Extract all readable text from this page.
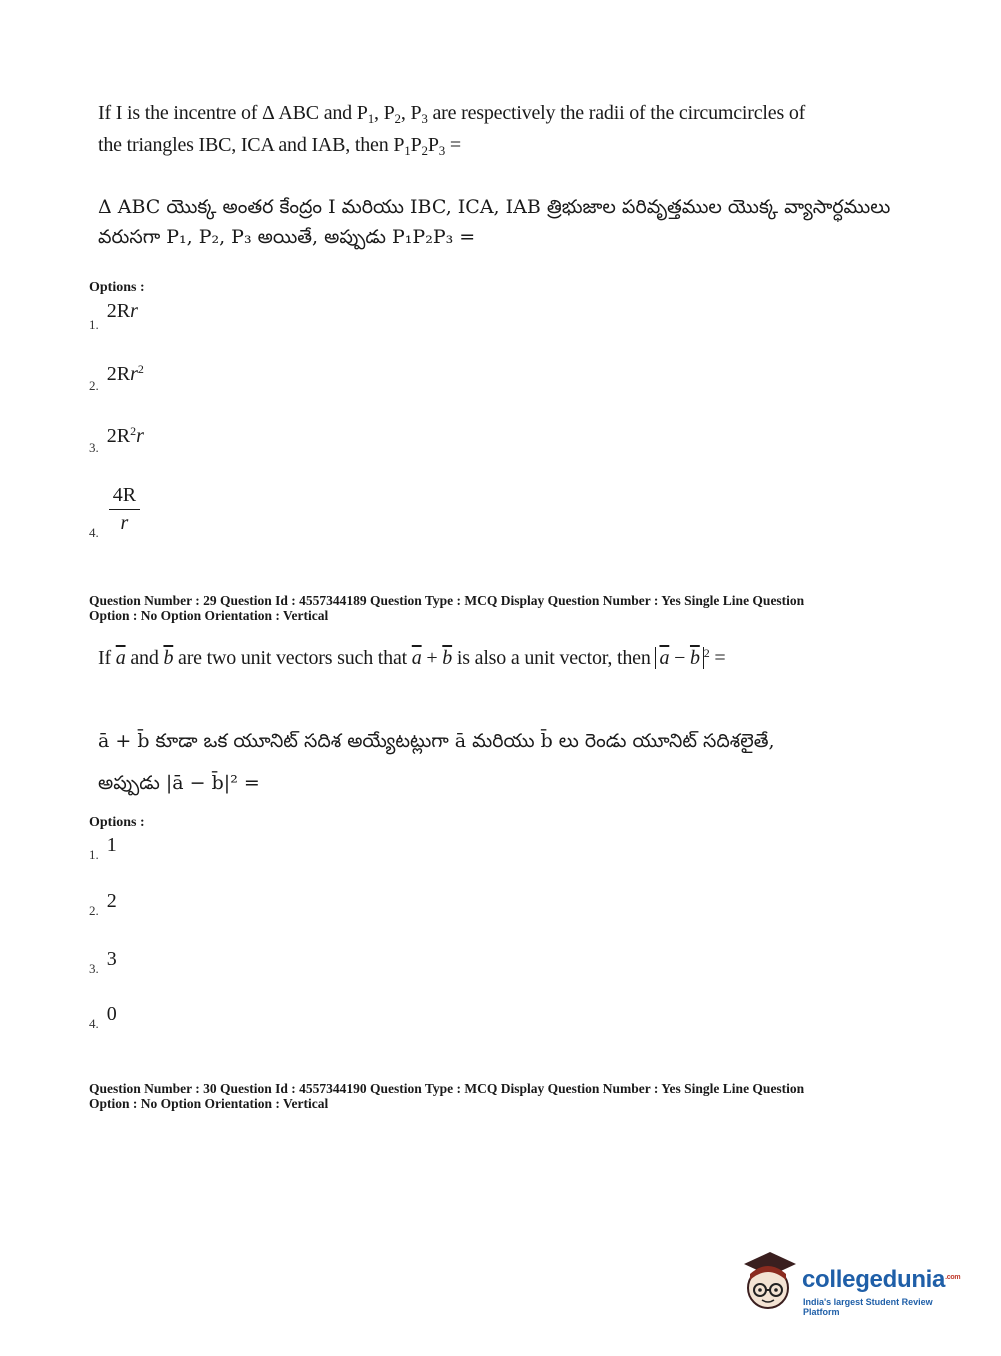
If I is the incentre of Δ ABC and $P_1$, $P_2$, $P_3$ are respectively the radii of the circumcircles of
the triangles IBC, ICA and IAB, then $P_1P_2P_3$ =
Δ ABC యొక్క అంతర కేంద్రం I మరియు IBC, ICA, IAB త్రిభుజాల పరివృత్తముల యొక్క వ్యాసార్ధములు
వరుసగా P₁, P₂, P₃ అయితే, అప్పుడు P₁P₂P₃ =
Options :
$_{1.}$ 2Rr
$_{2.}$ 2Rr$^2$
$_{3.}$ $2R^2r$
$_{4.} \frac{4R}{r}$
Question Number : 29 Question Id : 4557344189 Question Type : MCQ Display Question Number : Yes Single Line Question
Option : No Option Orientation : Vertical
If $\overline{a}$ and $\overline{b}$ are two unit vectors such that $\overline{a} + \overline{b}$ is also a unit vector, then $\overline{a} - \overline{b}$ $^2$ =
ā + b̄ కూడా ఒక యూనిట్ సదిశ అయ్యేటట్లుగా ā మరియు b̄ లు రెండు యూనిట్ సదిశలైతే,
అప్పుడు |ā − b̄|² =
Options :
$_{1.}$ 1
$_{2.}$ 2
$_{3.}$ 3
$_{4.}$ 0
Question Number : 30 Question Id : 4557344190 Question Type : MCQ Display Question Number : Yes Single Line Question
Option : No Option Orientation : Vertical
collegedunia$^{.com}$
India's largest Student Review Platform
